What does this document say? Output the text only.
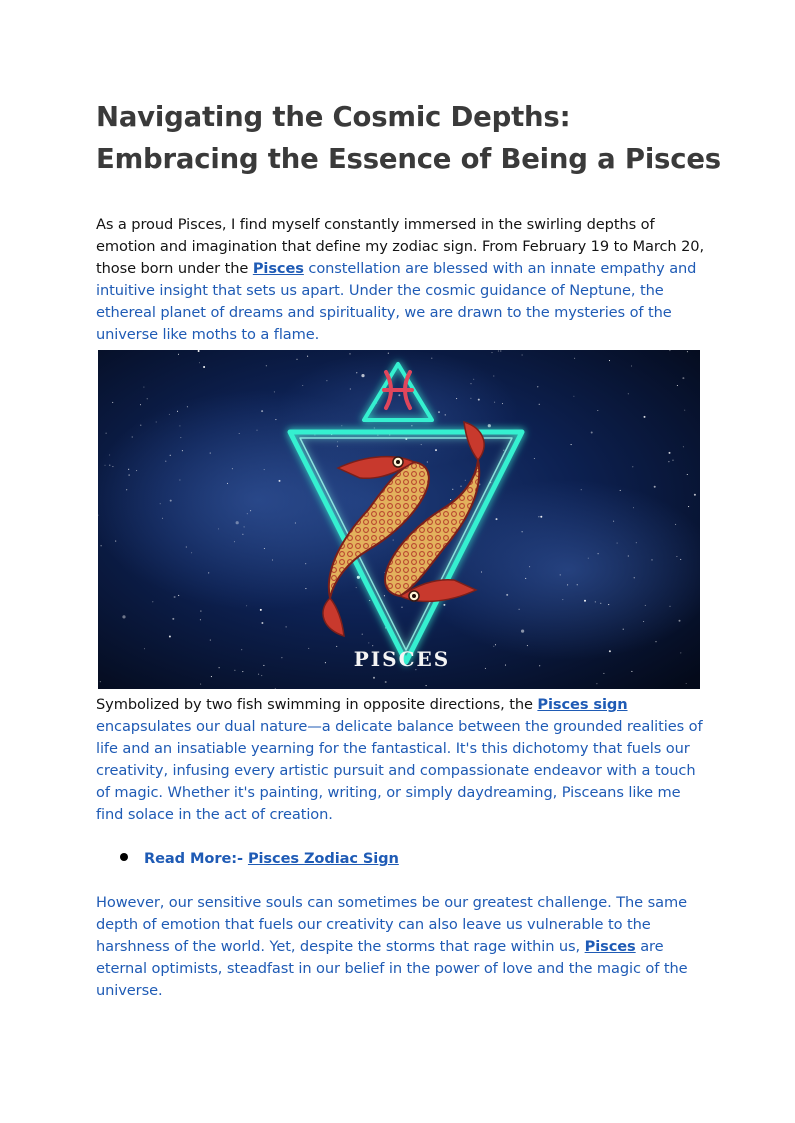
Navigating the Cosmic Depths:
Embracing the Essence of Being a Pisces

As a proud Pisces, I find myself constantly immersed in the swirling depths of emotion and imagination that define my zodiac sign. From February 19 to March 20, those born under the Pisces constellation are blessed with an innate empathy and intuitive insight that sets us apart. Under the cosmic guidance of Neptune, the ethereal planet of dreams and spirituality, we are drawn to the mysteries of the universe like moths to a flame.

Symbolized by two fish swimming in opposite directions, the Pisces sign encapsulates our dual nature—a delicate balance between the grounded realities of life and an insatiable yearning for the fantastical. It's this dichotomy that fuels our creativity, infusing every artistic pursuit and compassionate endeavor with a touch of magic. Whether it's painting, writing, or simply daydreaming, Pisceans like me find solace in the act of creation.

Read More:- Pisces Zodiac Sign

However, our sensitive souls can sometimes be our greatest challenge. The same depth of emotion that fuels our creativity can also leave us vulnerable to the harshness of the world. Yet, despite the storms that rage within us, Pisces are eternal optimists, steadfast in our belief in the power of love and the magic of the universe.

PISCES
